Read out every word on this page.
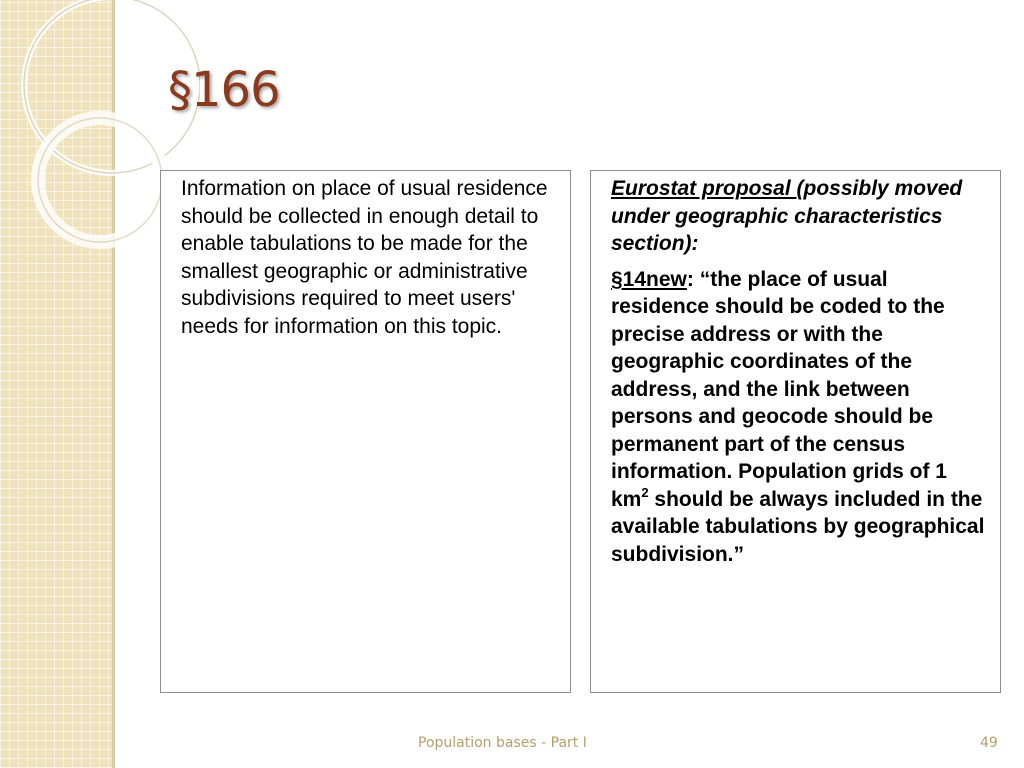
§166

Information on place of usual residence should be collected in enough detail to enable tabulations to be made for the smallest geographic or administrative subdivisions required to meet users' needs for information on this topic.

Eurostat proposal (possibly moved under geographic characteristics section):

§14new: “the place of usual residence should be coded to the precise address or with the geographic coordinates of the address, and the link between persons and geocode should be permanent part of the census information. Population grids of 1 $km^2$ should be always included in the available tabulations by geographical subdivision.”

Population bases - Part I	49
